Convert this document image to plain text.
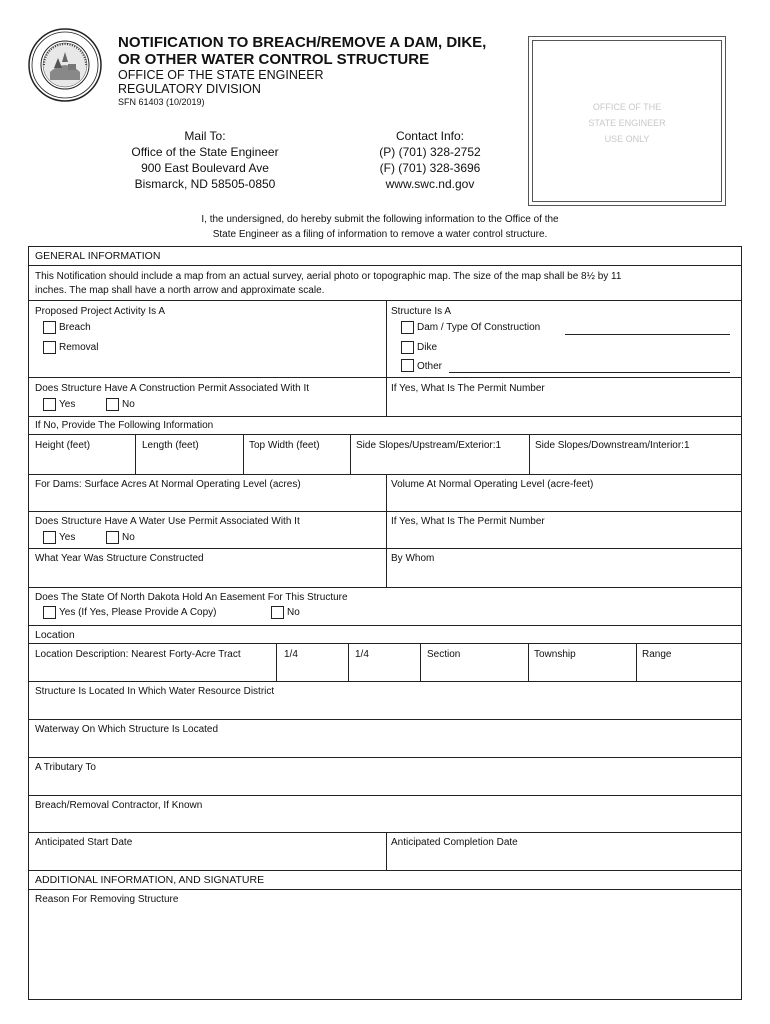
NOTIFICATION TO BREACH/REMOVE A DAM, DIKE,
OR OTHER WATER CONTROL STRUCTURE
OFFICE OF THE STATE ENGINEER
REGULATORY DIVISION
SFN 61403 (10/2019)	OFFICE OF THE
STATE ENGINEER
USE ONLY
Mail To:
Office of the State Engineer
900 East Boulevard Ave
Bismarck, ND 58505-0850
Contact Info:
(P) (701) 328-2752
(F) (701) 328-3696
www.swc.nd.gov
I, the undersigned, do hereby submit the following information to the Office of the
State Engineer as a filing of information to remove a water control structure.
GENERAL INFORMATION
This Notification should include a map from an actual survey, aerial photo or topographic map. The size of the map shall be 8½ by 11
inches. The map shall have a north arrow and approximate scale.
Proposed Project Activity Is A
Breach
Removal
Structure Is A
Dam / Type Of Construction
Dike
Other
Does Structure Have A Construction Permit Associated With It
Yes	No
If Yes, What Is The Permit Number
If No, Provide The Following Information
Height (feet)	Length (feet)	Top Width (feet)	Side Slopes/Upstream/Exterior:1	Side Slopes/Downstream/Interior:1
For Dams: Surface Acres At Normal Operating Level (acres)	Volume At Normal Operating Level (acre-feet)
Does Structure Have A Water Use Permit Associated With It
Yes	No
If Yes, What Is The Permit Number
What Year Was Structure Constructed	By Whom
Does The State Of North Dakota Hold An Easement For This Structure
Yes (If Yes, Please Provide A Copy)	No
Location
Location Description: Nearest Forty-Acre Tract	1/4	1/4	Section	Township	Range
Structure Is Located In Which Water Resource District
Waterway On Which Structure Is Located
A Tributary To
Breach/Removal Contractor, If Known
Anticipated Start Date	Anticipated Completion Date
ADDITIONAL INFORMATION, AND SIGNATURE
Reason For Removing Structure
